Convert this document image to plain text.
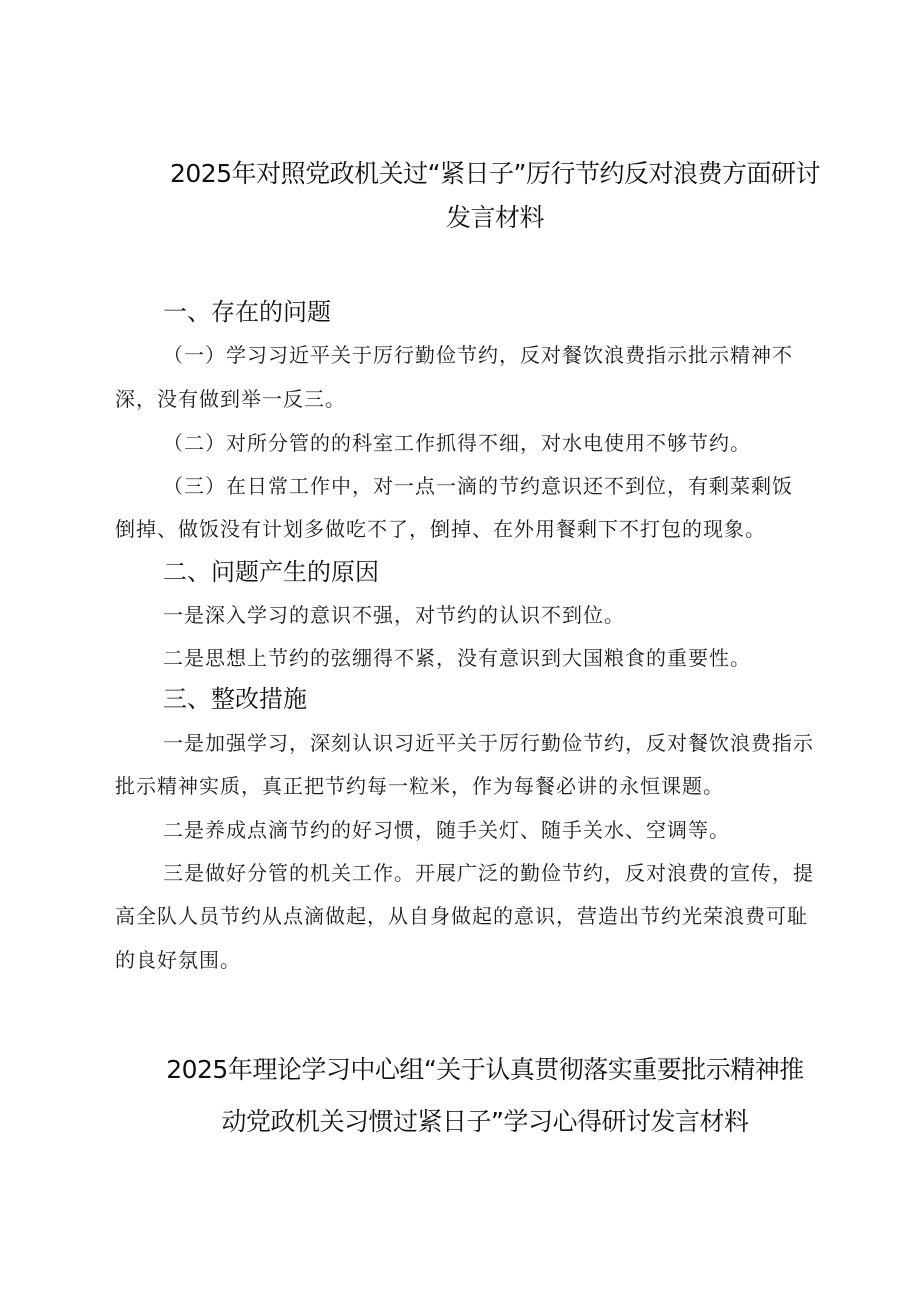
2025年对照党政机关过“紧日子”厉行节约反对浪费方面研讨
发言材料
一、存在的问题
（一）学习习近平关于厉行勤俭节约，反对餐饮浪费指示批示精神不
深，没有做到举一反三。
（二）对所分管的的科室工作抓得不细，对水电使用不够节约。
（三）在日常工作中，对一点一滴的节约意识还不到位，有剩菜剩饭
倒掉、做饭没有计划多做吃不了，倒掉、在外用餐剩下不打包的现象。
二、问题产生的原因
一是深入学习的意识不强，对节约的认识不到位。
二是思想上节约的弦绷得不紧，没有意识到大国粮食的重要性。
三、整改措施
一是加强学习，深刻认识习近平关于厉行勤俭节约，反对餐饮浪费指示
批示精神实质，真正把节约每一粒米，作为每餐必讲的永恒课题。
二是养成点滴节约的好习惯，随手关灯、随手关水、空调等。
三是做好分管的机关工作。开展广泛的勤俭节约，反对浪费的宣传，提
高全队人员节约从点滴做起，从自身做起的意识，营造出节约光荣浪费可耻
的良好氛围。
2025年理论学习中心组“关于认真贯彻落实重要批示精神推
动党政机关习惯过紧日子”学习心得研讨发言材料
